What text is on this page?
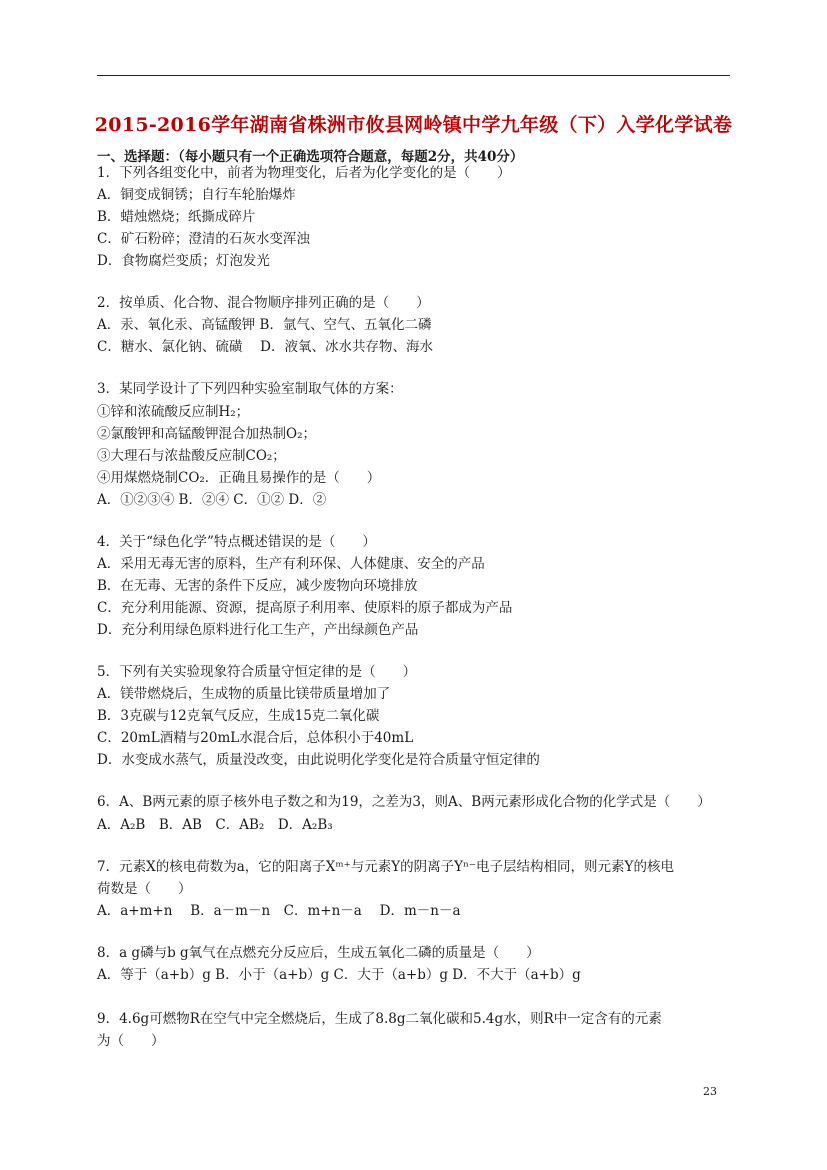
2015-2016学年湖南省株洲市攸县网岭镇中学九年级（下）入学化学试卷
一、选择题：（每小题只有一个正确选项符合题意，每题2分，共40分）
1．下列各组变化中，前者为物理变化，后者为化学变化的是（　　）
A．铜变成铜锈；自行车轮胎爆炸
B．蜡烛燃烧；纸撕成碎片
C．矿石粉碎；澄清的石灰水变浑浊
D．食物腐烂变质；灯泡发光
2．按单质、化合物、混合物顺序排列正确的是（　　）
A．汞、氧化汞、高锰酸钾 B．氩气、空气、五氧化二磷
C．糖水、氯化钠、硫磺　 D．液氧、冰水共存物、海水
3．某同学设计了下列四种实验室制取气体的方案：
①锌和浓硫酸反应制H₂；
②氯酸钾和高锰酸钾混合加热制O₂；
③大理石与浓盐酸反应制CO₂；
④用煤燃烧制CO₂．正确且易操作的是（　　）
A．①②③④ B．②④ C．①② D．②
4．关于“绿色化学”特点概述错误的是（　　）
A．采用无毒无害的原料，生产有利环保、人体健康、安全的产品
B．在无毒、无害的条件下反应，减少废物向环境排放
C．充分利用能源、资源，提高原子利用率、使原料的原子都成为产品
D．充分利用绿色原料进行化工生产，产出绿颜色产品
5．下列有关实验现象符合质量守恒定律的是（　　）
A．镁带燃烧后，生成物的质量比镁带质量增加了
B．3克碳与12克氧气反应，生成15克二氧化碳
C．20mL酒精与20mL水混合后，总体积小于40mL
D．水变成水蒸气，质量没改变，由此说明化学变化是符合质量守恒定律的
6．A、B两元素的原子核外电子数之和为19，之差为3，则A、B两元素形成化合物的化学式是（　　）
A．A₂B　B．AB　C．AB₂　D．A₂B₃
7．元素X的核电荷数为a，它的阳离子Xᵐ⁺与元素Y的阴离子Yⁿ⁻电子层结构相同，则元素Y的核电
荷数是（　　）
A．a+m+n　 B．a－m－n　C．m+n－a　 D．m－n－a
8．a g磷与b g氧气在点燃充分反应后，生成五氧化二磷的质量是（　　）
A．等于（a+b）g B．小于（a+b）g C．大于（a+b）g D．不大于（a+b）g
9．4.6g可燃物R在空气中完全燃烧后，生成了8.8g二氧化碳和5.4g水，则R中一定含有的元素
为（　　）
23
